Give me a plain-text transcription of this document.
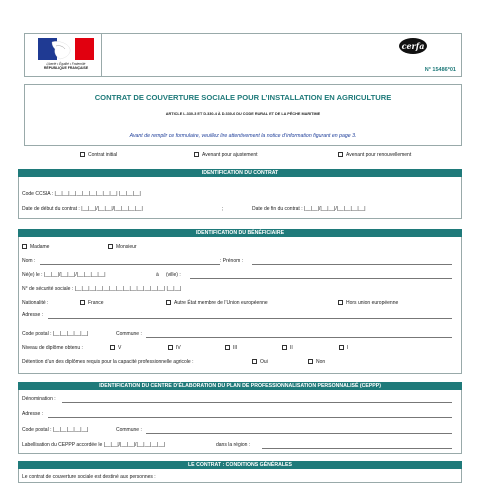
Liberté • Égalité • Fraternité
RÉPUBLIQUE FRANÇAISE
cerfa
N° 15486*01
CONTRAT DE COUVERTURE SOCIALE POUR L’INSTALLATION EN AGRICULTURE
ARTICLE L.330-3 ET D.330-4 À D.330-6 DU CODE RURAL ET DE LA PÊCHE MARITIME
Avant de remplir ce formulaire, veuillez lire attentivement la notice d’information figurant en page 3.
Contrat initial	Avenant pour ajustement	Avenant pour renouvellement
IDENTIFICATION DU CONTRAT
Code CCSIA : |__|__|__|__|__|__|__|__|__| |__|__|__|
Date de début du contrat : |__|__|/|__|__|/|__|__|__|__|	;	Date de fin du contrat : |__|__|/|__|__|/|__|__|__|__|
IDENTIFICATION DU BÉNÉFICIAIRE
Madame	Monsieur
Nom :	: Prénom :
Né(e) le : |__|__|/|__|__|/|__|__|__|__|	à (ville) :
N° de sécurité sociale : |__|__|__|__|__|__|__|__|__|__|__|__|__| |__|__|
Nationalité :	France	Autre État membre de l’Union européenne	Hors union européenne
Adresse :
Code postal : |__|__|__|__|__|	Commune :
Niveau de diplôme obtenu :	V	IV	III	II	I
Détention d’un des diplômes requis pour la capacité professionnelle agricole :	Oui	Non
IDENTIFICATION DU CENTRE D’ÉLABORATION DU PLAN DE PROFESSIONNALISATION PERSONNALISÉ (CEPPP)
Dénomination :
Adresse :
Code postal : |__|__|__|__|__|	Commune :
Labellisation du CEPPP accordée le |__|__|/|__|__|/|__|__|__|__|	dans la région :
LE CONTRAT : CONDITIONS GÉNÉRALES
Le contrat de couverture sociale est destiné aux personnes :
